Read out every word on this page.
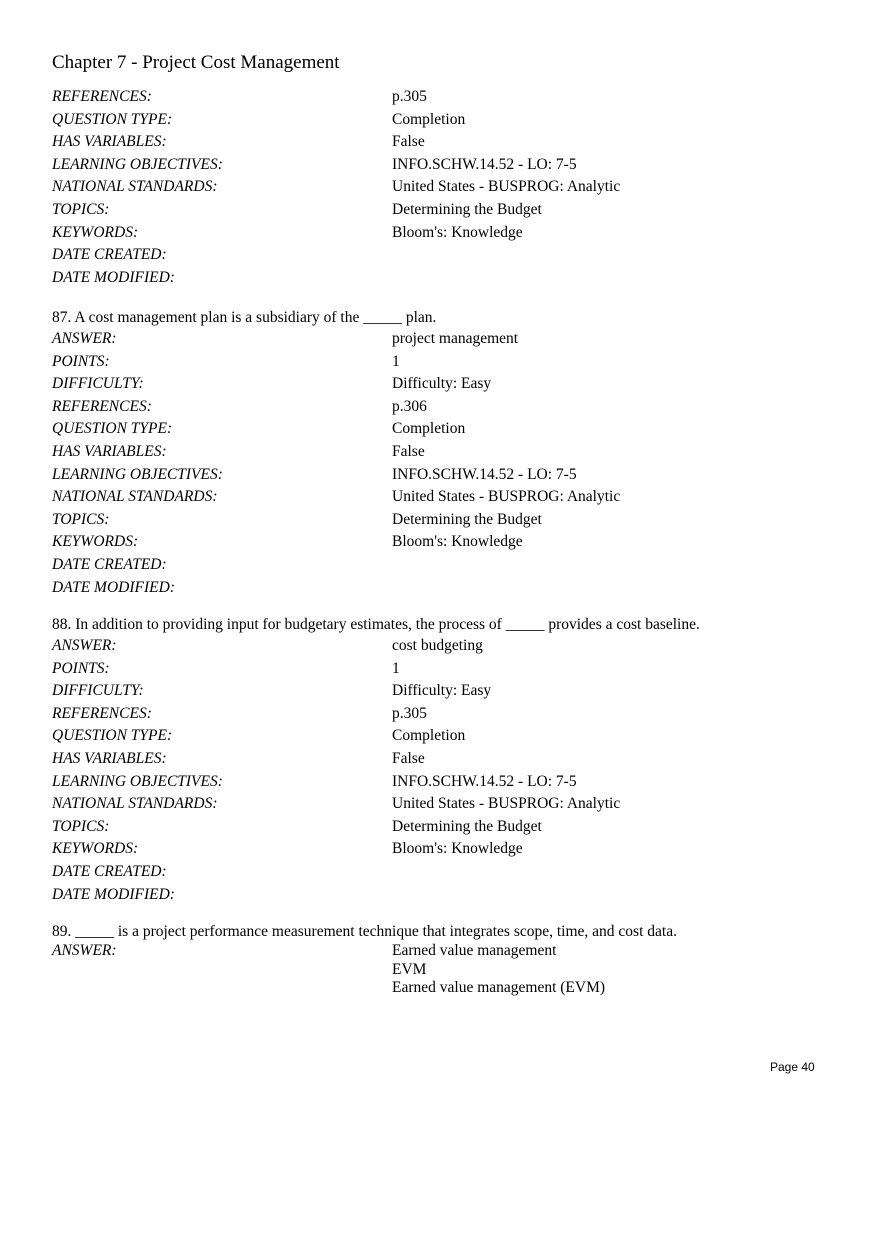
Chapter 7 - Project Cost Management
REFERENCES:	p.305
QUESTION TYPE:	Completion
HAS VARIABLES:	False
LEARNING OBJECTIVES:	INFO.SCHW.14.52 - LO: 7-5
NATIONAL STANDARDS:	United States - BUSPROG: Analytic
TOPICS:	Determining the Budget
KEYWORDS:	Bloom's: Knowledge
DATE CREATED:
DATE MODIFIED:
87. A cost management plan is a subsidiary of the _____ plan.
ANSWER:	project management
POINTS:	1
DIFFICULTY:	Difficulty: Easy
REFERENCES:	p.306
QUESTION TYPE:	Completion
HAS VARIABLES:	False
LEARNING OBJECTIVES:	INFO.SCHW.14.52 - LO: 7-5
NATIONAL STANDARDS:	United States - BUSPROG: Analytic
TOPICS:	Determining the Budget
KEYWORDS:	Bloom's: Knowledge
DATE CREATED:
DATE MODIFIED:
88. In addition to providing input for budgetary estimates, the process of _____ provides a cost baseline.
ANSWER:	cost budgeting
POINTS:	1
DIFFICULTY:	Difficulty: Easy
REFERENCES:	p.305
QUESTION TYPE:	Completion
HAS VARIABLES:	False
LEARNING OBJECTIVES:	INFO.SCHW.14.52 - LO: 7-5
NATIONAL STANDARDS:	United States - BUSPROG: Analytic
TOPICS:	Determining the Budget
KEYWORDS:	Bloom's: Knowledge
DATE CREATED:
DATE MODIFIED:
89. _____ is a project performance measurement technique that integrates scope, time, and cost data.
ANSWER:	Earned value management
EVM
Earned value management (EVM)
Page 40
